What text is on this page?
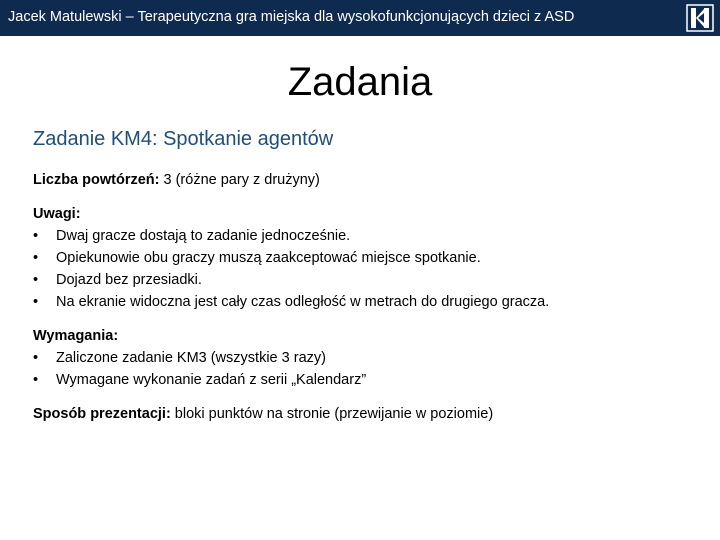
Jacek Matulewski – Terapeutyczna gra miejska dla wysokofunkcjonujących dzieci z ASD
Zadania
Zadanie KM4: Spotkanie agentów
Liczba powtórzeń: 3 (różne pary z drużyny)
Uwagi:
• Dwaj gracze dostają to zadanie jednocześnie.
• Opiekunowie obu graczy muszą zaakceptować miejsce spotkanie.
• Dojazd bez przesiadki.
• Na ekranie widoczna jest cały czas odległość w metrach do drugiego gracza.
Wymagania:
• Zaliczone zadanie KM3 (wszystkie 3 razy)
• Wymagane wykonanie zadań z serii „Kalendarz”
Sposób prezentacji: bloki punktów na stronie (przewijanie w poziomie)
